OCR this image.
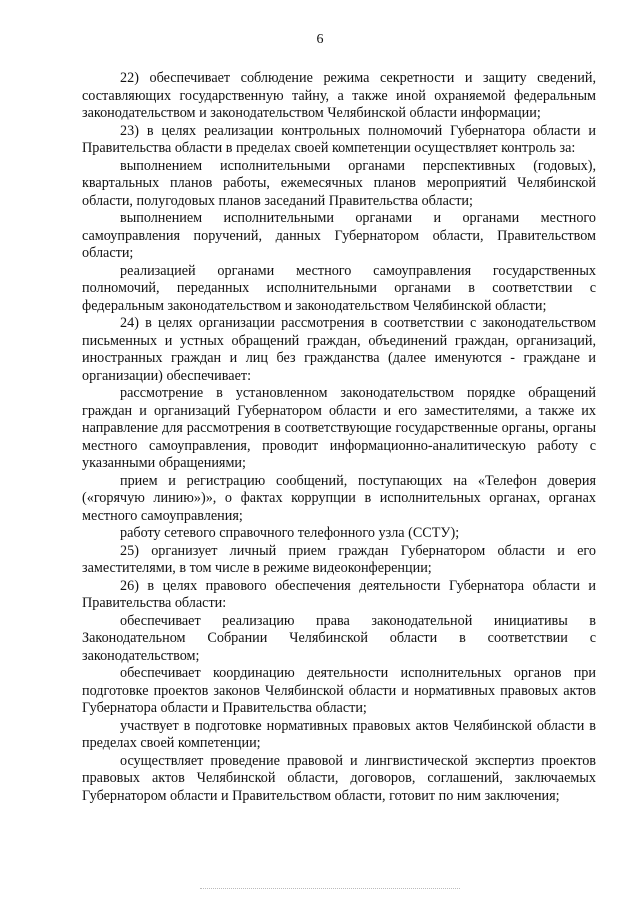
6

22) обеспечивает соблюдение режима секретности и защиту сведений, составляющих государственную тайну, а также иной охраняемой федеральным законодательством и законодательством Челябинской области информации;

23) в целях реализации контрольных полномочий Губернатора области и Правительства области в пределах своей компетенции осуществляет контроль за:

выполнением исполнительными органами перспективных (годовых), квартальных планов работы, ежемесячных планов мероприятий Челябинской области, полугодовых планов заседаний Правительства области;

выполнением исполнительными органами и органами местного самоуправления поручений, данных Губернатором области, Правительством области;

реализацией органами местного самоуправления государственных полномочий, переданных исполнительными органами в соответствии с федеральным законодательством и законодательством Челябинской области;

24) в целях организации рассмотрения в соответствии с законодательством письменных и устных обращений граждан, объединений граждан, организаций, иностранных граждан и лиц без гражданства (далее именуются - граждане и организации) обеспечивает:

рассмотрение в установленном законодательством порядке обращений граждан и организаций Губернатором области и его заместителями, а также их направление для рассмотрения в соответствующие государственные органы, органы местного самоуправления, проводит информационно-аналитическую работу с указанными обращениями;

прием и регистрацию сообщений, поступающих на «Телефон доверия («горячую линию»)», о фактах коррупции в исполнительных органах, органах местного самоуправления;

работу сетевого справочного телефонного узла (ССТУ);

25) организует личный прием граждан Губернатором области и его заместителями, в том числе в режиме видеоконференции;

26) в целях правового обеспечения деятельности Губернатора области и Правительства области:

обеспечивает реализацию права законодательной инициативы в Законодательном Собрании Челябинской области в соответствии с законодательством;

обеспечивает координацию деятельности исполнительных органов при подготовке проектов законов Челябинской области и нормативных правовых актов Губернатора области и Правительства области;

участвует в подготовке нормативных правовых актов Челябинской области в пределах своей компетенции;

осуществляет проведение правовой и лингвистической экспертиз проектов правовых актов Челябинской области, договоров, соглашений, заключаемых Губернатором области и Правительством области, готовит по ним заключения;
